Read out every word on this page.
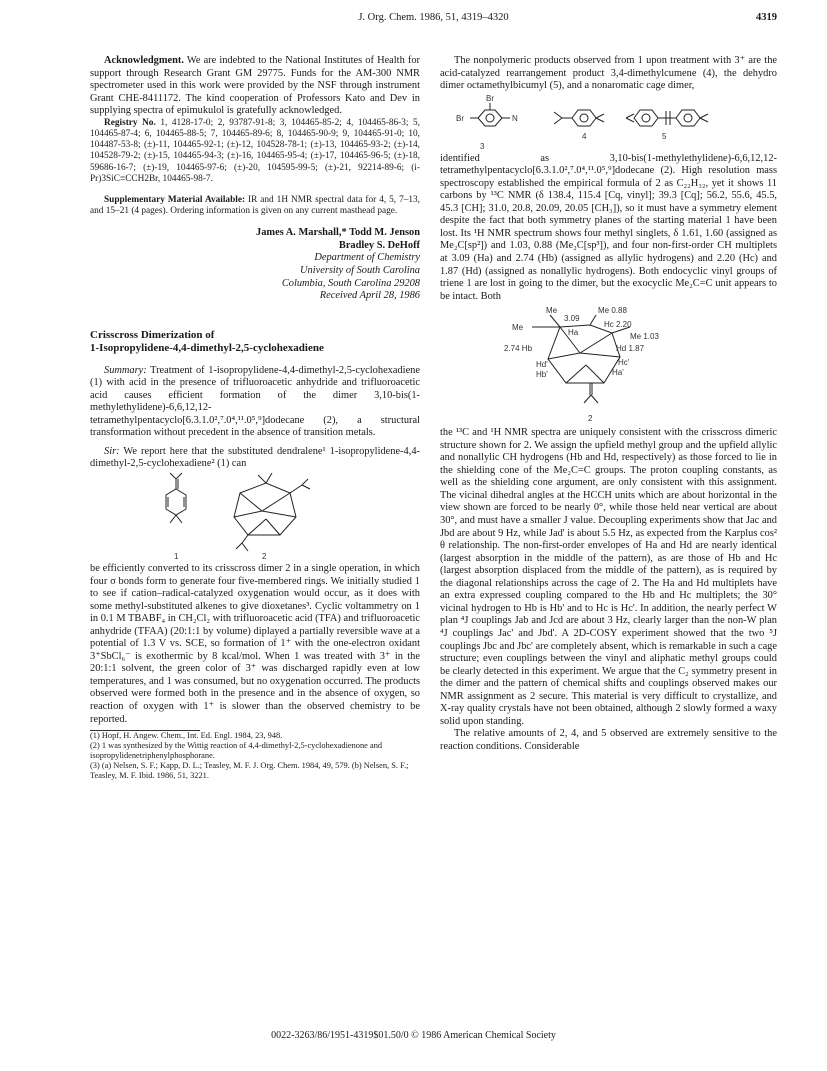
J. Org. Chem. 1986, 51, 4319–4320	4319

Acknowledgment. We are indebted to the National Institutes of Health for support through Research Grant GM 29775. Funds for the AM-300 NMR spectrometer used in this work were provided by the NSF through instrument Grant CHE-8411172. The kind cooperation of Professors Kato and Dev in supplying spectra of epimukulol is gratefully acknowledged.

Registry No. 1, 4128-17-0; 2, 93787-91-8; 3, 104465-85-2; 4, 104465-86-3; 5, 104465-87-4; 6, 104465-88-5; 7, 104465-89-6; 8, 104465-90-9; 9, 104465-91-0; 10, 104487-53-8; (±)-11, 104465-92-1; (±)-12, 104528-78-1; (±)-13, 104465-93-2; (±)-14, 104528-79-2; (±)-15, 104465-94-3; (±)-16, 104465-95-4; (±)-17, 104465-96-5; (±)-18, 59686-16-7; (±)-19, 104465-97-6; (±)-20, 104595-99-5; (±)-21, 92214-89-6; (i-Pr)3SiC≡CCH2Br, 104465-98-7.

Supplementary Material Available: IR and 1H NMR spectral data for 4, 5, 7–13, and 15–21 (4 pages). Ordering information is given on any current masthead page.

James A. Marshall,* Todd M. Jenson

Bradley S. DeHoff

Department of Chemistry

University of South Carolina

Columbia, South Carolina 29208

Received April 28, 1986

Crisscross Dimerization of

1-Isopropylidene-4,4-dimethyl-2,5-cyclohexadiene

Summary: Treatment of 1-isopropylidene-4,4-dimethyl-2,5-cyclohexadiene (1) with acid in the presence of trifluoroacetic anhydride and trifluoroacetic acid causes efficient formation of the dimer 3,10-bis(1-methylethylidene)-6,6,12,12-tetramethylpentacyclo[6.3.1.0²,⁷.0⁴,¹¹.0⁵,⁹]dodecane (2), a structural transformation without precedent in the absence of transition metals.

Sir: We report here that the substituted dendralene¹ 1-isopropylidene-4,4-dimethyl-2,5-cyclohexadiene² (1) can

1	2

be efficiently converted to its crisscross dimer 2 in a single operation, in which four σ bonds form to generate four five-membered rings. We initially studied 1 to see if cation–radical-catalyzed oxygenation would occur, as it does with some methyl-substituted alkenes to give dioxetanes³. Cyclic voltammetry on 1 in 0.1 M TBABF₄ in CH₂Cl₂ with trifluoroacetic acid (TFA) and trifluoroacetic anhydride (TFAA) (20:1:1 by volume) diplayed a partially reversible wave at a potential of 1.3 V vs. SCE, so formation of 1⁺ with the one-electron oxidant 3⁺SbCl₆⁻ is exothermic by 8 kcal/mol. When 1 was treated with 3⁺ in the 20:1:1 solvent, the green color of 3⁺ was discharged rapidly even at low temperatures, and 1 was consumed, but no oxygenation occurred. The products observed were formed both in the presence and in the absence of oxygen, so reaction of oxygen with 1⁺ is slower than the observed chemistry to be reported.

(1) Hopf, H. Angew. Chem., Int. Ed. Engl. 1984, 23, 948.

(2) 1 was synthesized by the Wittig reaction of 4,4-dimethyl-2,5-cyclohexadienone and isopropylidenetriphenylphosphorane.

(3) (a) Nelsen, S. F.; Kapp, D. L.; Teasley, M. F. J. Org. Chem. 1984, 49, 579. (b) Nelsen, S. F.; Teasley, M. F. Ibid. 1986, 51, 3221.

The nonpolymeric products observed from 1 upon treatment with 3⁺ are the acid-catalyzed rearrangement product 3,4-dimethylcumene (4), the dehydro dimer octamethylbicumyl (5), and a nonaromatic cage dimer,

Br
Br	N
3
4	5

identified as 3,10-bis(1-methylethylidene)-6,6,12,12-tetramethylpentacyclo[6.3.1.0²,⁷.0⁴,¹¹.0⁵,⁹]dodecane (2). High resolution mass spectroscopy established the empirical formula of 2 as C₂₂H₃₂, yet it shows 11 carbons by ¹³C NMR (δ 138.4, 115.4 [Cq, vinyl]; 39.3 [Cq]; 56.2, 55.6, 45.5, 45.3 [CH]; 31.0, 20.8, 20.09, 20.05 [CH₃]), so it must have a symmetry element despite the fact that both symmetry planes of the starting material 1 have been lost. Its ¹H NMR spectrum shows four methyl singlets, δ 1.61, 1.60 (assigned as Me₂C[sp²]) and 1.03, 0.88 (Me₂C[sp³]), and four non-first-order CH multiplets at 3.09 (Ha) and 2.74 (Hb) (assigned as allylic hydrogens) and 2.20 (Hc) and 1.87 (Hd) (assigned as nonallylic hydrogens). Both endocyclic vinyl groups of triene 1 are lost in going to the dimer, but the exocyclic Me₂C=C unit appears to be intact. Both

Me	Me 0.88
3.09
Me
Ha
Hc 2.20
Me 1.03
2.74 Hb	Hd 1.87
Hd'	Hc'
Hb'	Ha'
2

the ¹³C and ¹H NMR spectra are uniquely consistent with the crisscross dimeric structure shown for 2. We assign the upfield methyl group and the upfield allylic and nonallylic CH hydrogens (Hb and Hd, respectively) as those forced to lie in the shielding cone of the Me₂C=C groups. The proton coupling constants, as well as the shielding cone argument, are only consistent with this assignment. The vicinal dihedral angles at the HCCH units which are about horizontal in the view shown are forced to be nearly 0°, while those held near vertical are about 30°, and must have a smaller J value. Decoupling experiments show that Jac and Jbd are about 9 Hz, while Jad' is about 5.5 Hz, as expected from the Karplus cos² θ relationship. The non-first-order envelopes of Ha and Hd are nearly identical (largest absorption in the middle of the pattern), as are those of Hb and Hc (largest absorption displaced from the middle of the pattern), as is required by the diagonal relationships across the cage of 2. The Ha and Hd multiplets have an extra expressed coupling compared to the Hb and Hc multiplets; the 30° vicinal hydrogen to Hb is Hb' and to Hc is Hc'. In addition, the nearly perfect W plan ⁴J couplings Jab and Jcd are about 3 Hz, clearly larger than the non-W plan ⁴J couplings Jac' and Jbd'. A 2D-COSY experiment showed that the two ⁵J couplings Jbc and Jbc' are completely absent, which is remarkable in such a cage structure; even couplings between the vinyl and aliphatic methyl groups could be clearly detected in this experiment. We argue that the C₂ symmetry present in the dimer and the pattern of chemical shifts and couplings observed makes our NMR assignment as 2 secure. This material is very difficult to crystallize, and X-ray quality crystals have not been obtained, although 2 slowly formed a waxy solid upon standing.

The relative amounts of 2, 4, and 5 observed are extremely sensitive to the reaction conditions. Considerable

0022-3263/86/1951-4319$01.50/0 © 1986 American Chemical Society
